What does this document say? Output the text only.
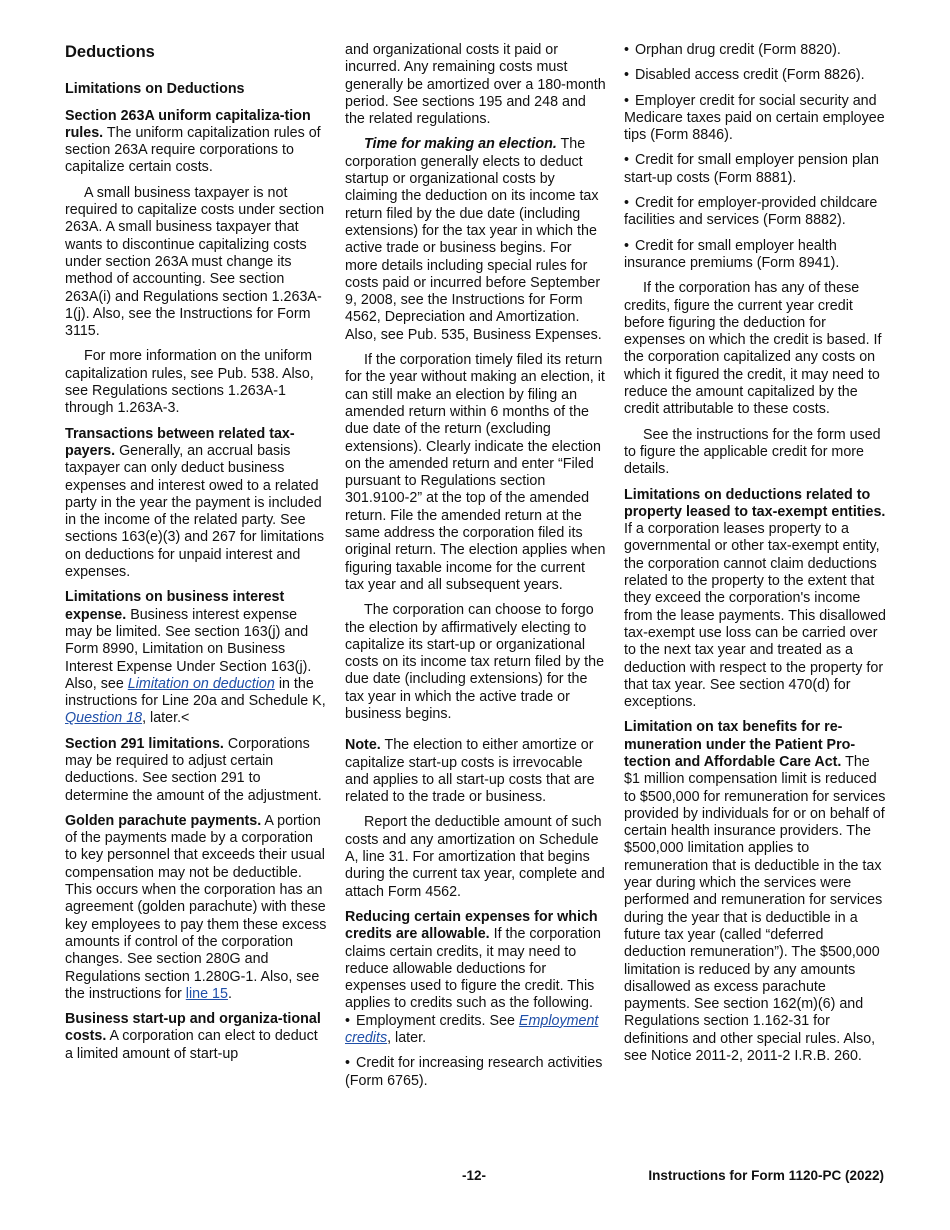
Deductions
Limitations on Deductions

Section 263A uniform capitaliza-tion rules. The uniform capitalization rules of section 263A require corporations to capitalize certain costs.

A small business taxpayer is not required to capitalize costs under section 263A. A small business taxpayer that wants to discontinue capitalizing costs under section 263A must change its method of accounting. See section 263A(i) and Regulations section 1.263A-1(j). Also, see the Instructions for Form 3115.

For more information on the uniform capitalization rules, see Pub. 538. Also, see Regulations sections 1.263A-1 through 1.263A-3.

Transactions between related tax-payers. Generally, an accrual basis taxpayer can only deduct business expenses and interest owed to a related party in the year the payment is included in the income of the related party. See sections 163(e)(3) and 267 for limitations on deductions for unpaid interest and expenses.

Limitations on business interest expense. Business interest expense may be limited. See section 163(j) and Form 8990, Limitation on Business Interest Expense Under Section 163(j). Also, see Limitation on deduction in the instructions for Line 20a and Schedule K, Question 18, later.<

Section 291 limitations. Corporations may be required to adjust certain deductions. See section 291 to determine the amount of the adjustment.

Golden parachute payments. A portion of the payments made by a corporation to key personnel that exceeds their usual compensation may not be deductible. This occurs when the corporation has an agreement (golden parachute) with these key employees to pay them these excess amounts if control of the corporation changes. See section 280G and Regulations section 1.280G-1. Also, see the instructions for line 15.

Business start-up and organiza-tional costs. A corporation can elect to deduct a limited amount of start-up

and organizational costs it paid or incurred. Any remaining costs must generally be amortized over a 180-month period. See sections 195 and 248 and the related regulations.

Time for making an election. The corporation generally elects to deduct startup or organizational costs by claiming the deduction on its income tax return filed by the due date (including extensions) for the tax year in which the active trade or business begins. For more details including special rules for costs paid or incurred before September 9, 2008, see the Instructions for Form 4562, Depreciation and Amortization. Also, see Pub. 535, Business Expenses.

If the corporation timely filed its return for the year without making an election, it can still make an election by filing an amended return within 6 months of the due date of the return (excluding extensions). Clearly indicate the election on the amended return and enter “Filed pursuant to Regulations section 301.9100-2” at the top of the amended return. File the amended return at the same address the corporation filed its original return. The election applies when figuring taxable income for the current tax year and all subsequent years.

The corporation can choose to forgo the election by affirmatively electing to capitalize its start-up or organizational costs on its income tax return filed by the due date (including extensions) for the tax year in which the active trade or business begins.

Note. The election to either amortize or capitalize start-up costs is irrevocable and applies to all start-up costs that are related to the trade or business.

Report the deductible amount of such costs and any amortization on Schedule A, line 31. For amortization that begins during the current tax year, complete and attach Form 4562.

Reducing certain expenses for which credits are allowable. If the corporation claims certain credits, it may need to reduce allowable deductions for expenses used to figure the credit. This applies to credits such as the following.

• Employment credits. See Employment credits, later.

• Credit for increasing research activities (Form 6765).

• Orphan drug credit (Form 8820).

• Disabled access credit (Form 8826).

• Employer credit for social security and Medicare taxes paid on certain employee tips (Form 8846).

• Credit for small employer pension plan start-up costs (Form 8881).

• Credit for employer-provided childcare facilities and services (Form 8882).

• Credit for small employer health insurance premiums (Form 8941).

If the corporation has any of these credits, figure the current year credit before figuring the deduction for expenses on which the credit is based. If the corporation capitalized any costs on which it figured the credit, it may need to reduce the amount capitalized by the credit attributable to these costs.

See the instructions for the form used to figure the applicable credit for more details.

Limitations on deductions related to property leased to tax-exempt entities. If a corporation leases property to a governmental or other tax-exempt entity, the corporation cannot claim deductions related to the property to the extent that they exceed the corporation's income from the lease payments. This disallowed tax-exempt use loss can be carried over to the next tax year and treated as a deduction with respect to the property for that tax year. See section 470(d) for exceptions.

Limitation on tax benefits for re-muneration under the Patient Pro-tection and Affordable Care Act. The $1 million compensation limit is reduced to $500,000 for remuneration for services provided by individuals for or on behalf of certain health insurance providers. The $500,000 limitation applies to remuneration that is deductible in the tax year during which the services were performed and remuneration for services during the year that is deductible in a future tax year (called “deferred deduction remuneration”). The $500,000 limitation is reduced by any amounts disallowed as excess parachute payments. See section 162(m)(6) and Regulations section 1.162-31 for definitions and other special rules. Also, see Notice 2011-2, 2011-2 I.R.B. 260.

-12-	Instructions for Form 1120-PC (2022)
